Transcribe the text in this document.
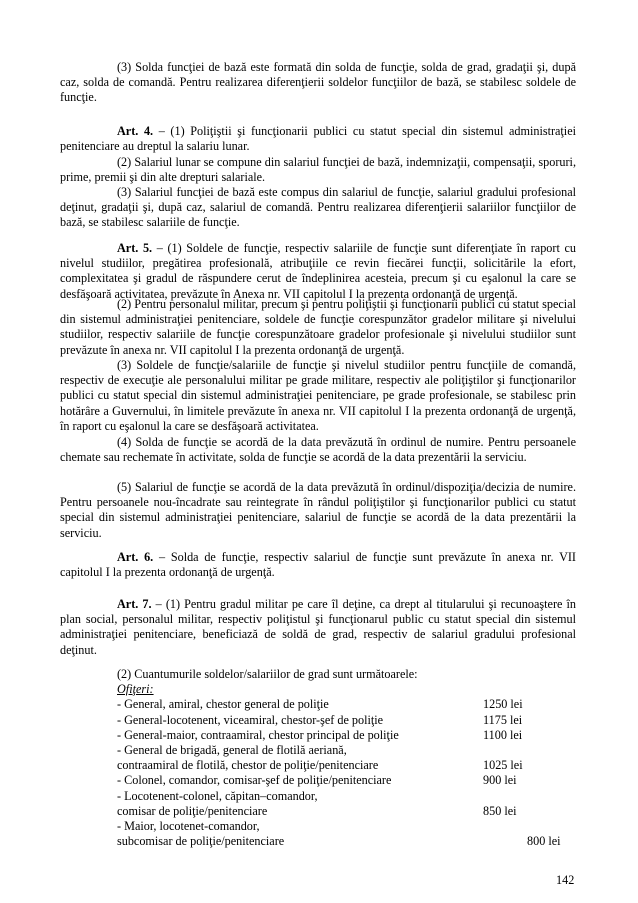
(3) Solda funcţiei de bază este formată din solda de funcţie, solda de grad, gradaţii şi, după caz, solda de comandă. Pentru realizarea diferenţierii soldelor funcţiilor de bază, se stabilesc soldele de funcţie.

Art. 4. – (1) Poliţiştii şi funcţionarii publici cu statut special din sistemul administraţiei penitenciare au dreptul la salariu lunar.

(2) Salariul lunar se compune din salariul funcţiei de bază, indemnizaţii, compensaţii, sporuri, prime, premii şi din alte drepturi salariale.

(3) Salariul funcţiei de bază este compus din salariul de funcţie, salariul gradului profesional deţinut, gradaţii şi, după caz, salariul de comandă. Pentru realizarea diferenţierii salariilor funcţiilor de bază, se stabilesc salariile de funcţie.

Art. 5. – (1) Soldele de funcţie, respectiv salariile de funcţie sunt diferenţiate în raport cu nivelul studiilor, pregătirea profesională, atribuţiile ce revin fiecărei funcţii, solicitările la efort, complexitatea şi gradul de răspundere cerut de îndeplinirea acesteia, precum şi cu eşalonul la care se desfăşoară activitatea, prevăzute în Anexa nr. VII capitolul I la prezenta ordonanţă de urgenţă.

(2) Pentru personalul militar, precum şi pentru poliţiştii şi funcţionarii publici cu statut special din sistemul administraţiei penitenciare, soldele de funcţie corespunzător gradelor militare şi nivelului studiilor, respectiv salariile de funcţie corespunzătoare gradelor profesionale şi nivelului studiilor sunt prevăzute în anexa nr. VII capitolul I la prezenta ordonanţă de urgenţă.

(3) Soldele de funcţie/salariile de funcţie şi nivelul studiilor pentru funcţiile de comandă, respectiv de execuţie ale personalului militar pe grade militare, respectiv ale poliţiştilor şi funcţionarilor publici cu statut special din sistemul administraţiei penitenciare, pe grade profesionale, se stabilesc prin hotărâre a Guvernului, în limitele prevăzute în anexa nr. VII capitolul I la prezenta ordonanţă de urgenţă, în raport cu eşalonul la care se desfăşoară activitatea.

(4) Solda de funcţie se acordă de la data prevăzută în ordinul de numire. Pentru persoanele chemate sau rechemate în activitate, solda de funcţie se acordă de la data prezentării la serviciu.

(5) Salariul de funcţie se acordă de la data prevăzută în ordinul/dispoziţia/decizia de numire. Pentru persoanele nou-încadrate sau reintegrate în rândul poliţiştilor şi funcţionarilor publici cu statut special din sistemul administraţiei penitenciare, salariul de funcţie se acordă de la data prezentării la serviciu.

Art. 6. – Solda de funcţie, respectiv salariul de funcţie sunt prevăzute în anexa nr. VII capitolul I la prezenta ordonanţă de urgenţă.

Art. 7. – (1) Pentru gradul militar pe care îl deţine, ca drept al titularului şi recunoaştere în plan social, personalul militar, respectiv poliţistul şi funcţionarul public cu statut special din sistemul administraţiei penitenciare, beneficiază de soldă de grad, respectiv de salariul gradului profesional deţinut.

(2) Cuantumurile soldelor/salariilor de grad sunt următoarele:
Ofiţeri:
- General, amiral, chestor general de poliţie	1250 lei
- General-locotenent, viceamiral, chestor-şef de poliţie	1175 lei
- General-maior, contraamiral, chestor principal de poliţie	1100 lei
- General de brigadă, general de flotilă aeriană,
contraamiral de flotilă, chestor de poliţie/penitenciare	1025 lei
- Colonel, comandor, comisar-şef de poliţie/penitenciare	900 lei
- Locotenent-colonel, căpitan–comandor,
comisar de poliţie/penitenciare	850 lei
- Maior, locotenet-comandor,
subcomisar de poliţie/penitenciare	800 lei
142
